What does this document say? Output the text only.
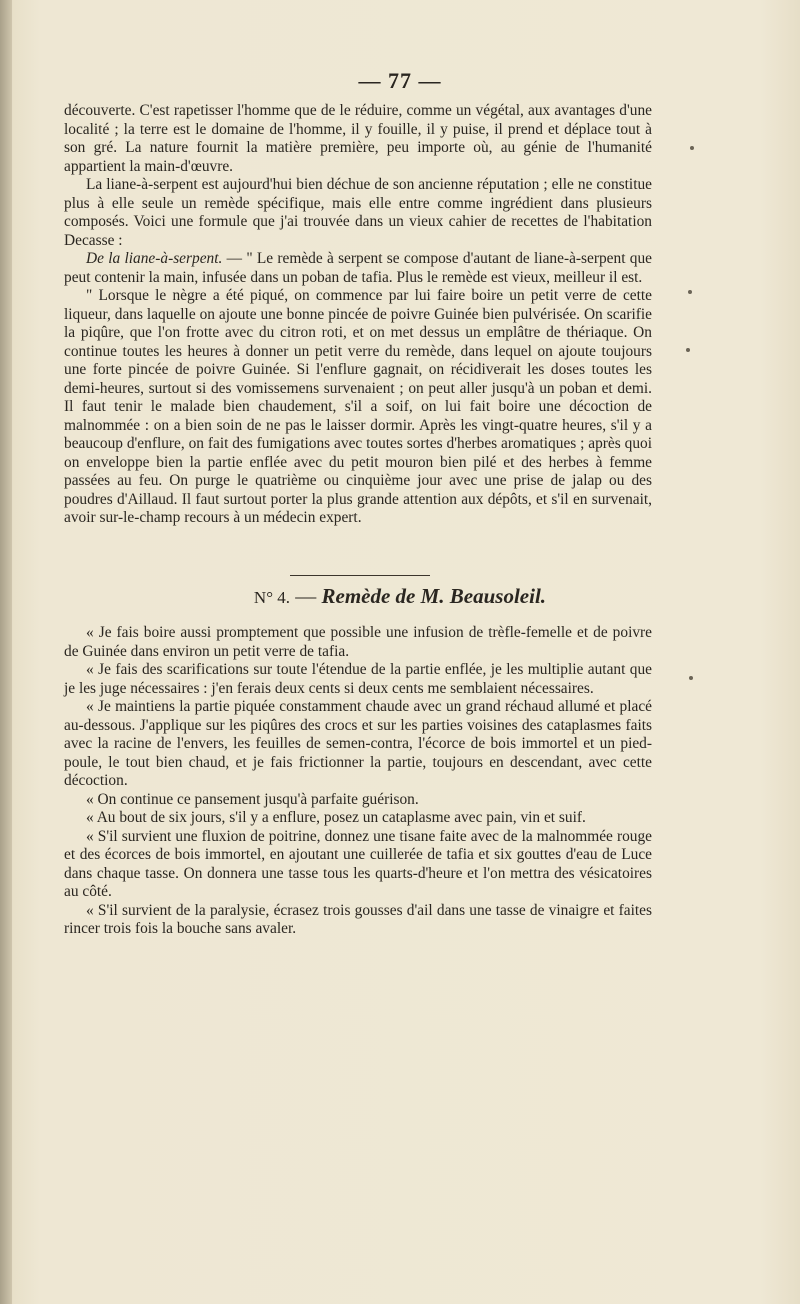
— 77 —

découverte. C'est rapetisser l'homme que de le réduire, comme un végétal, aux avantages d'une localité ; la terre est le domaine de l'homme, il y fouille, il y puise, il prend et déplace tout à son gré. La nature fournit la matière première, peu importe où, au génie de l'humanité appartient la main-d'œuvre.

La liane-à-serpent est aujourd'hui bien déchue de son ancienne réputation ; elle ne constitue plus à elle seule un remède spécifique, mais elle entre comme ingrédient dans plusieurs composés. Voici une formule que j'ai trouvée dans un vieux cahier de recettes de l'habitation Decasse :

De la liane-à-serpent. — " Le remède à serpent se compose d'autant de liane-à-serpent que peut contenir la main, infusée dans un poban de tafia. Plus le remède est vieux, meilleur il est.

" Lorsque le nègre a été piqué, on commence par lui faire boire un petit verre de cette liqueur, dans laquelle on ajoute une bonne pincée de poivre Guinée bien pulvérisée. On scarifie la piqûre, que l'on frotte avec du citron roti, et on met dessus un emplâtre de thériaque. On continue toutes les heures à donner un petit verre du remède, dans lequel on ajoute toujours une forte pincée de poivre Guinée. Si l'enflure gagnait, on récidiverait les doses toutes les demi-heures, surtout si des vomissemens survenaient ; on peut aller jusqu'à un poban et demi. Il faut tenir le malade bien chaudement, s'il a soif, on lui fait boire une décoction de malnommée : on a bien soin de ne pas le laisser dormir. Après les vingt-quatre heures, s'il y a beaucoup d'enflure, on fait des fumigations avec toutes sortes d'herbes aromatiques ; après quoi on enveloppe bien la partie enflée avec du petit mouron bien pilé et des herbes à femme passées au feu. On purge le quatrième ou cinquième jour avec une prise de jalap ou des poudres d'Aillaud. Il faut surtout porter la plus grande attention aux dépôts, et s'il en survenait, avoir sur-le-champ recours à un médecin expert.

N° 4. — Remède de M. Beausoleil.

« Je fais boire aussi promptement que possible une infusion de trèfle-femelle et de poivre de Guinée dans environ un petit verre de tafia.

« Je fais des scarifications sur toute l'étendue de la partie enflée, je les multiplie autant que je les juge nécessaires : j'en ferais deux cents si deux cents me semblaient nécessaires.

« Je maintiens la partie piquée constamment chaude avec un grand réchaud allumé et placé au-dessous. J'applique sur les piqûres des crocs et sur les parties voisines des cataplasmes faits avec la racine de l'envers, les feuilles de semen-contra, l'écorce de bois immortel et un pied-poule, le tout bien chaud, et je fais frictionner la partie, toujours en descendant, avec cette décoction.

« On continue ce pansement jusqu'à parfaite guérison.

« Au bout de six jours, s'il y a enflure, posez un cataplasme avec pain, vin et suif.

« S'il survient une fluxion de poitrine, donnez une tisane faite avec de la malnommée rouge et des écorces de bois immortel, en ajoutant une cuillerée de tafia et six gouttes d'eau de Luce dans chaque tasse. On donnera une tasse tous les quarts-d'heure et l'on mettra des vésicatoires au côté.

« S'il survient de la paralysie, écrasez trois gousses d'ail dans une tasse de vinaigre et faites rincer trois fois la bouche sans avaler.
